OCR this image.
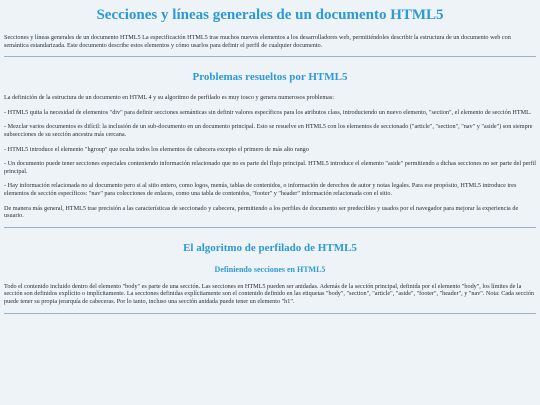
Secciones y líneas generales de un documento HTML5

Secciones y líneas generales de un documento HTML5 La especificación HTML5 trae muchos nuevos elementos a los desarrolladores web, permitiéndoles describir la estructura de un documento web con semántica estandarizada. Este documento describe estos elementos y cómo usarlos para definir el perfil de cualquier documento.

Problemas resueltos por HTML5

La definición de la estructura de un documento en HTML 4 y su algoritmo de perfilado es muy tosco y genera numerosos problemas:

- HTML5 quita la necesidad de elementos "div" para definir secciones semánticas sin definir valores específicos para los atributos class, introduciendo un nuevo elemento, "section", el elemento de sección HTML.

- Mezclar varios documentos es difícil: la inclusión de un sub-documento en un documento principal. Esto se resuelve en HTML5 con los elementos de seccionado ("article", "section", "nav" y "aside") son siempre subsecciones de su sección ancestra más cercana.

- HTML5 introduce el elemento "hgroup" que oculta todos los elementos de cabecera excepto el primero de más alto rango

- Un documento puede tener secciones especiales conteniendo información relacionado que no es parte del flujo principal. HTML5 introduce el elemento "aside" permitiendo a dichas secciones no ser parte del perfil principal.

- Hay información relacionada no al documento pero si al sitio entero, como logos, menús, tablas de contenidos, o información de derechos de autor y notas legales. Para ese propósito, HTML5 introduce tres elementos de sección específicos: "nav" para colecciones de enlaces, como una tabla de contenidos, "footer" y "header" información relacionada con el sitio.

De manera más general, HTML5 trae precisión a las características de seccionado y cabecera, permitiendo a los perfiles de documento ser predecibles y usados por el navegador para mejorar la experiencia de usuario.

El algoritmo de perfilado de HTML5
Definiendo secciones en HTML5

Todo el contenido incluido dentro del elemento "body" es parte de una sección. Las secciones en HTML5 pueden ser anidadas. Además de la sección principal, definida por el elemento "body", los límites de la sección son definidos explícito o implícitamente. La secciones definidas explícitamente son el contenido definido en las etiquetas "body", "section", "article", "aside", "footer", "header", y "nav". Nota: Cada sección puede tener su propia jerarquía de cabeceras. Por lo tanto, incluso una sección anidada puede tener un elemento "h1".
